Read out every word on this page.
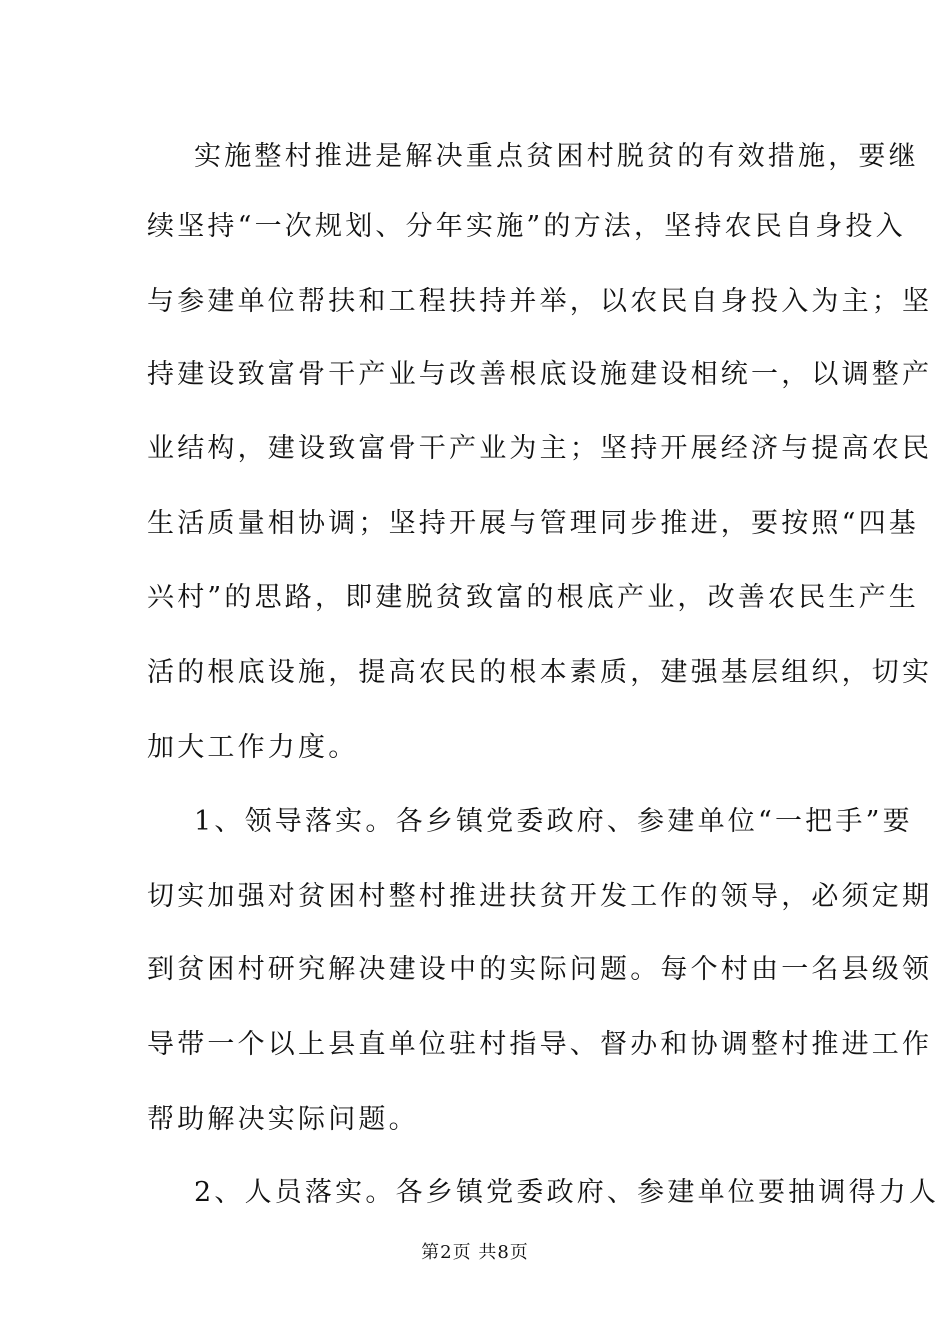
实施整村推进是解决重点贫困村脱贫的有效措施，要继
续坚持“一次规划、分年实施”的方法，坚持农民自身投入
与参建单位帮扶和工程扶持并举，以农民自身投入为主；坚
持建设致富骨干产业与改善根底设施建设相统一，以调整产
业结构，建设致富骨干产业为主；坚持开展经济与提高农民
生活质量相协调；坚持开展与管理同步推进，要按照“四基
兴村”的思路，即建脱贫致富的根底产业，改善农民生产生
活的根底设施，提高农民的根本素质，建强基层组织，切实
加大工作力度。
1、领导落实。各乡镇党委政府、参建单位“一把手”要
切实加强对贫困村整村推进扶贫开发工作的领导，必须定期
到贫困村研究解决建设中的实际问题。每个村由一名县级领
导带一个以上县直单位驻村指导、督办和协调整村推进工作
帮助解决实际问题。
2、人员落实。各乡镇党委政府、参建单位要抽调得力人
第2页 共8页
